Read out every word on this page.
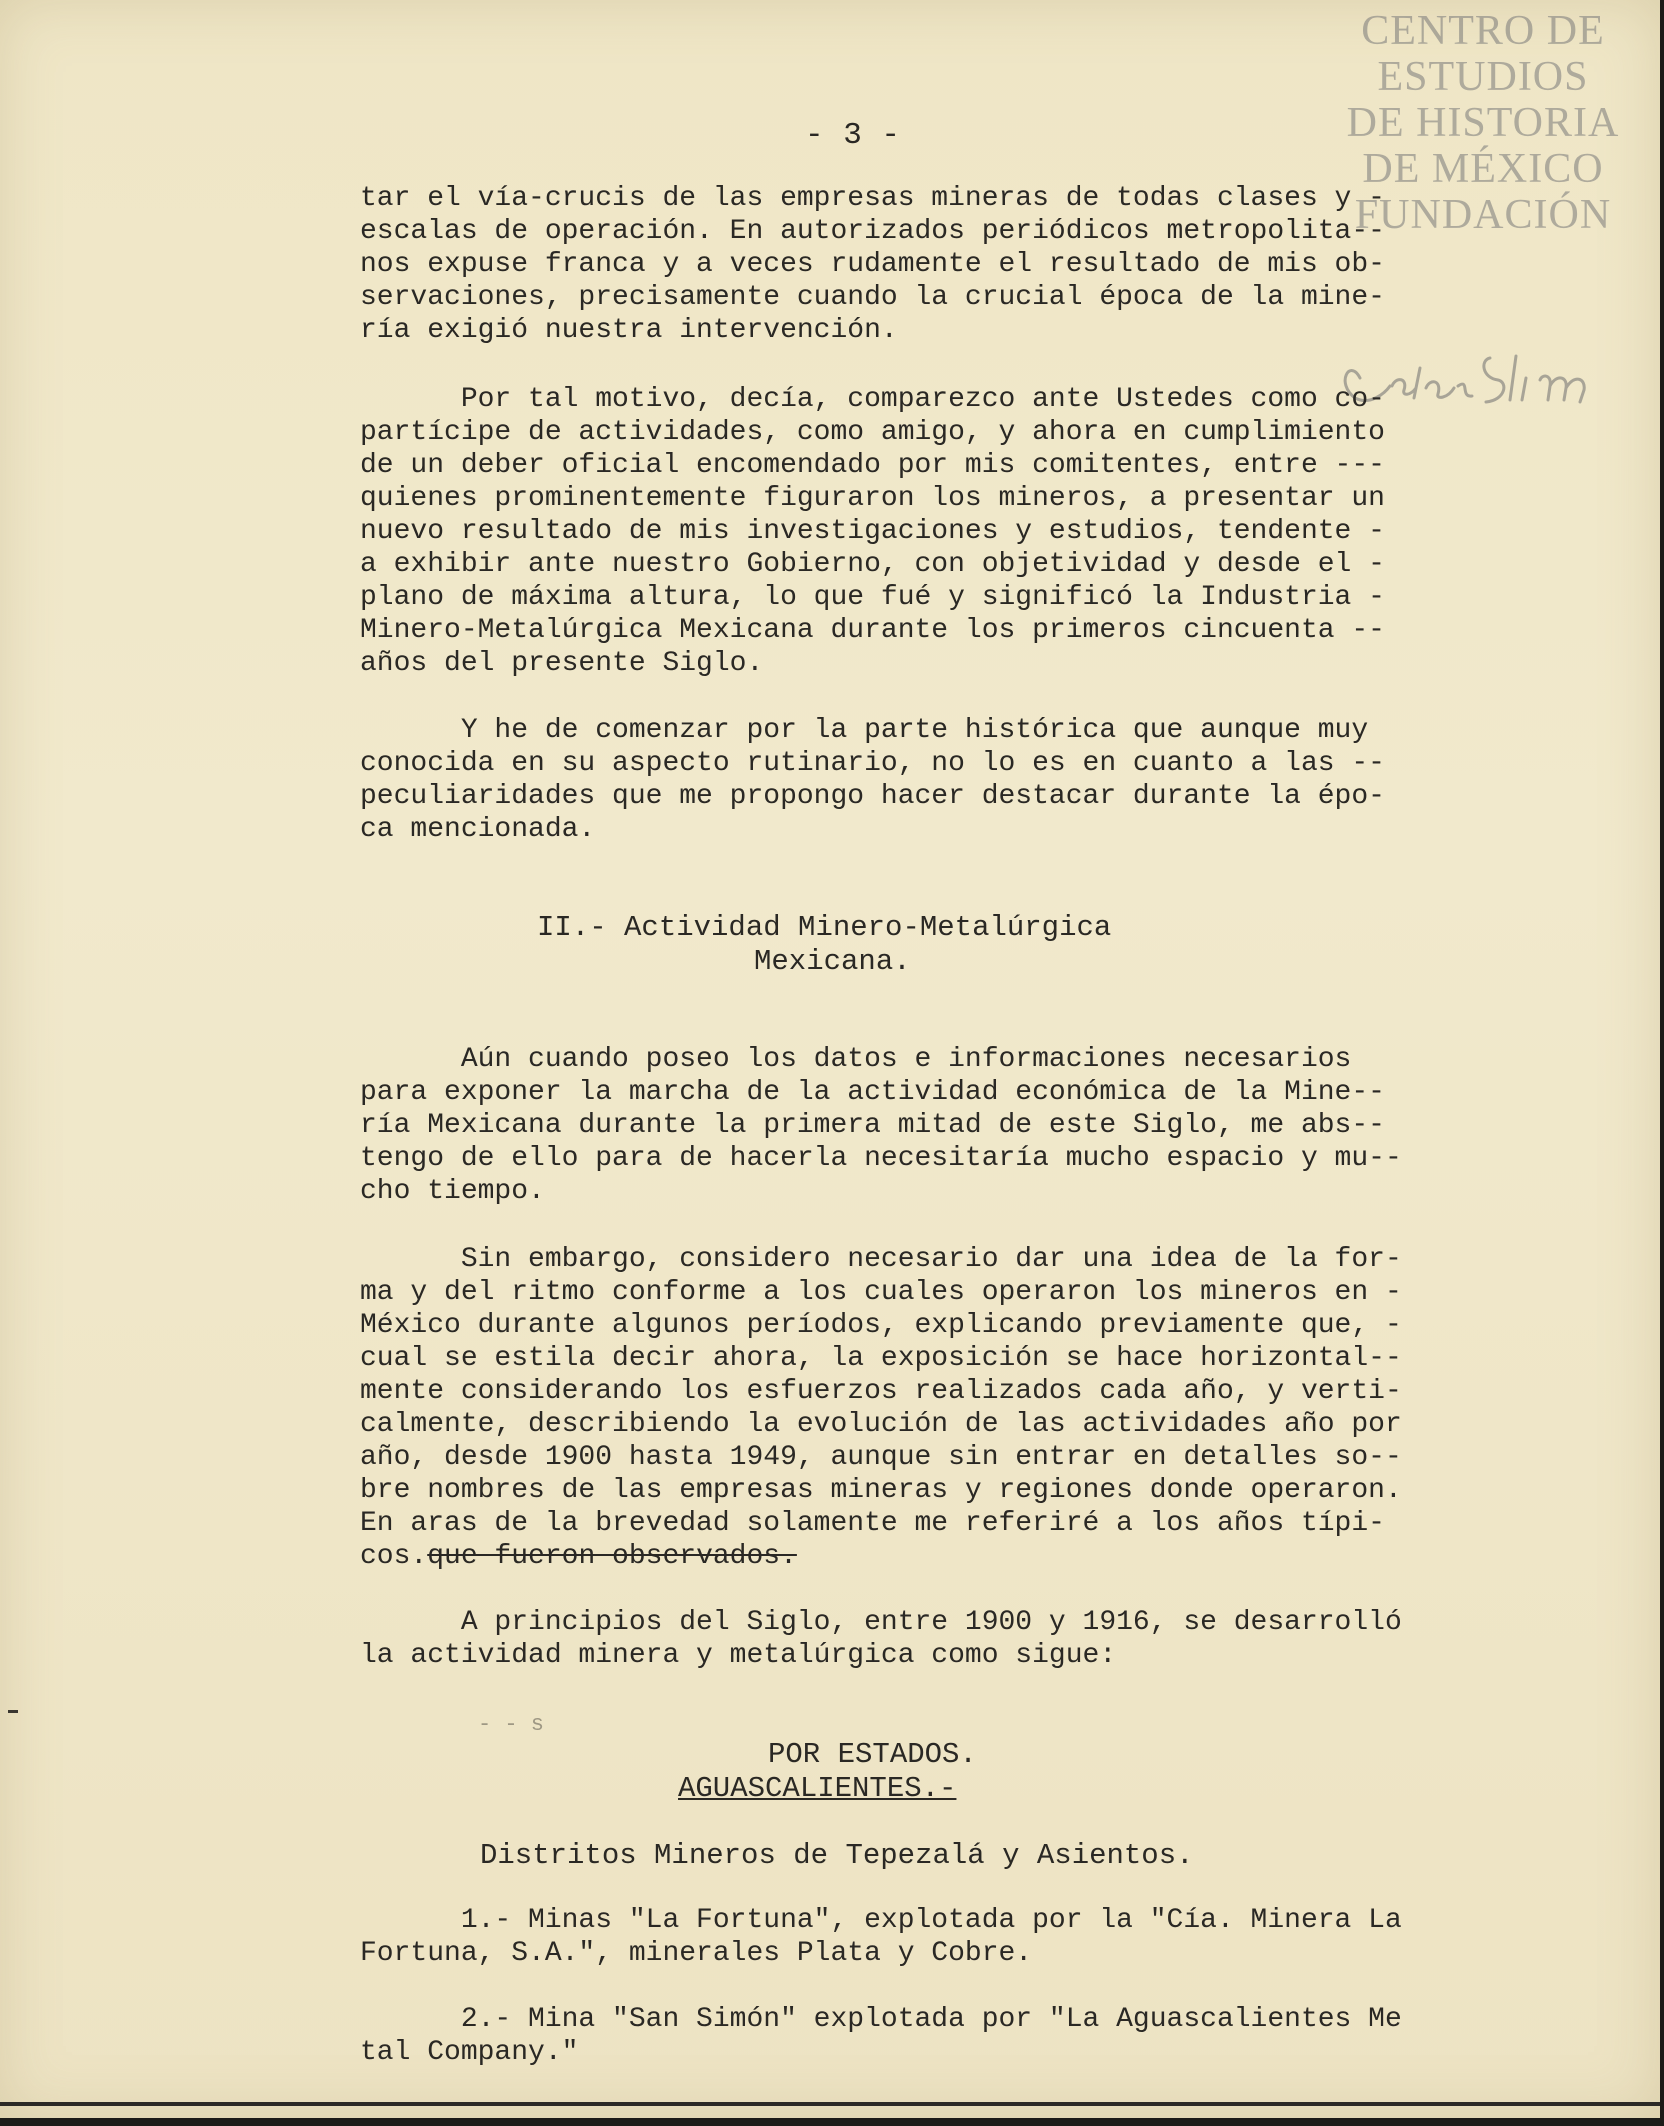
CENTRO DE
ESTUDIOS
DE HISTORIA
DE MÉXICO
FUNDACIÓN
- 3 -
tar el vía-crucis de las empresas mineras de todas clases y -
escalas de operación. En autorizados periódicos metropolita--
nos expuse franca y a veces rudamente el resultado de mis ob-
servaciones, precisamente cuando la crucial época de la mine-
ría exigió nuestra intervención.
Por tal motivo, decía, comparezco ante Ustedes como co-
partícipe de actividades, como amigo, y ahora en cumplimiento
de un deber oficial encomendado por mis comitentes, entre ---
quienes prominentemente figuraron los mineros, a presentar un
nuevo resultado de mis investigaciones y estudios, tendente -
a exhibir ante nuestro Gobierno, con objetividad y desde el -
plano de máxima altura, lo que fué y significó la Industria -
Minero-Metalúrgica Mexicana durante los primeros cincuenta --
años del presente Siglo.
Y he de comenzar por la parte histórica que aunque muy
conocida en su aspecto rutinario, no lo es en cuanto a las --
peculiaridades que me propongo hacer destacar durante la épo-
ca mencionada.
II.- Actividad Minero-Metalúrgica
Mexicana.
Aún cuando poseo los datos e informaciones necesarios
para exponer la marcha de la actividad económica de la Mine--
ría Mexicana durante la primera mitad de este Siglo, me abs--
tengo de ello para de hacerla necesitaría mucho espacio y mu--
cho tiempo.
Sin embargo, considero necesario dar una idea de la for-
ma y del ritmo conforme a los cuales operaron los mineros en -
México durante algunos períodos, explicando previamente que, -
cual se estila decir ahora, la exposición se hace horizontal--
mente considerando los esfuerzos realizados cada año, y verti-
calmente, describiendo la evolución de las actividades año por
año, desde 1900 hasta 1949, aunque sin entrar en detalles so--
bre nombres de las empresas mineras y regiones donde operaron.
En aras de la brevedad solamente me referiré a los años típi-
cos.que fueron observados.
A principios del Siglo, entre 1900 y 1916, se desarrolló
la actividad minera y metalúrgica como sigue:
- - s
POR ESTADOS.
AGUASCALIENTES.-
Distritos Mineros de Tepezalá y Asientos.
1.- Minas "La Fortuna", explotada por la "Cía. Minera La
Fortuna, S.A.", minerales Plata y Cobre.
2.- Mina "San Simón" explotada por "La Aguascalientes Me
tal Company."
